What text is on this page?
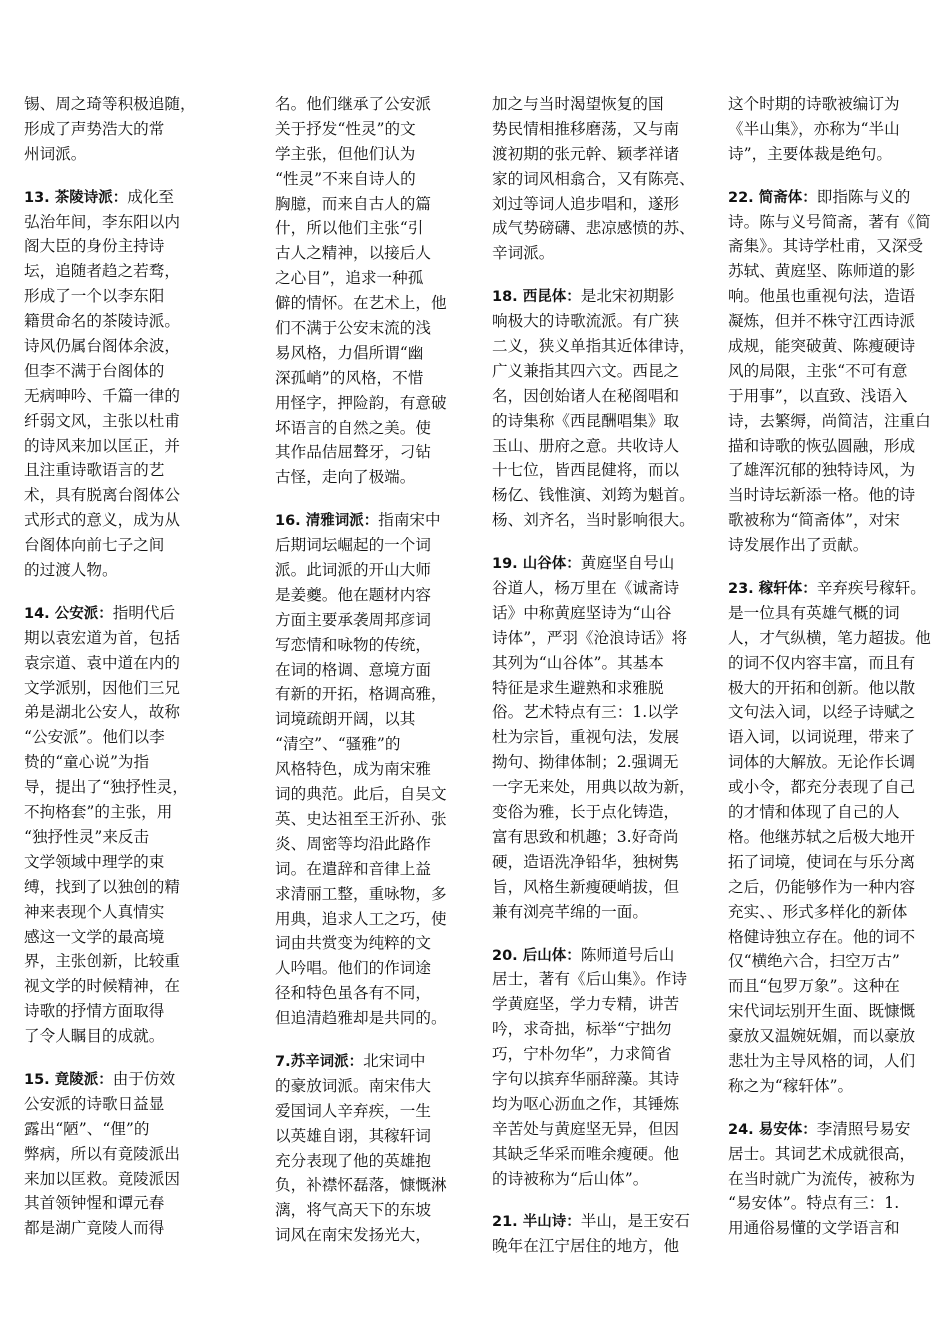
锡、周之琦等积极追随，
形成了声势浩大的常
州词派。
13. 茶陵诗派：成化至
弘治年间，李东阳以内
阁大臣的身份主持诗
坛，追随者趋之若骛，
形成了一个以李东阳
籍贯命名的茶陵诗派。
诗风仍属台阁体余波，
但李不满于台阁体的
无病呻吟、千篇一律的
纤弱文风，主张以杜甫
的诗风来加以匡正，并
且注重诗歌语言的艺
术，具有脱离台阁体公
式形式的意义，成为从
台阁体向前七子之间
的过渡人物。
14. 公安派：指明代后
期以袁宏道为首，包括
袁宗道、袁中道在内的
文学派别，因他们三兄
弟是湖北公安人，故称
“公安派”。他们以李
贽的“童心说”为指
导，提出了“独抒性灵，
不拘格套”的主张，用
“独抒性灵”来反击
文学领域中理学的束
缚，找到了以独创的精
神来表现个人真情实
感这一文学的最高境
界，主张创新，比较重
视文学的时候精神，在
诗歌的抒情方面取得
了令人瞩目的成就。
15. 竟陵派：由于仿效
公安派的诗歌日益显
露出“陋”、“俚”的
弊病，所以有竟陵派出
来加以匡救。竟陵派因
其首领钟惺和谭元春
都是湖广竟陵人而得
名。他们继承了公安派
关于抒发“性灵”的文
学主张，但他们认为
“性灵”不来自诗人的
胸臆，而来自古人的篇
什，所以他们主张“引
古人之精神，以接后人
之心目”，追求一种孤
僻的情怀。在艺术上，他
们不满于公安末流的浅
易风格，力倡所谓“幽
深孤峭”的风格，不惜
用怪字，押险韵，有意破
坏语言的自然之美。使
其作品佶屈聱牙，刁钻
古怪，走向了极端。
16. 清雅词派：指南宋中
后期词坛崛起的一个词
派。此词派的开山大师
是姜夔。他在题材内容
方面主要承袭周邦彦词
写恋情和咏物的传统，
在词的格调、意境方面
有新的开拓，格调高雅，
词境疏朗开阔，以其
“清空”、“骚雅”的
风格特色，成为南宋雅
词的典范。此后，自吴文
英、史达祖至王沂孙、张
炎、周密等均沿此路作
词。在遣辞和音律上益
求清丽工整，重咏物，多
用典，追求人工之巧，使
词由共赏变为纯粹的文
人吟唱。他们的作词途
径和特色虽各有不同，
但追清趋雅却是共同的。
7.苏辛词派：北宋词中
的豪放词派。南宋伟大
爱国词人辛弃疾，一生
以英雄自诩，其稼轩词
充分表现了他的英雄抱
负，补襟怀磊落，慷慨淋
漓，将气高天下的东坡
词风在南宋发扬光大，
加之与当时渴望恢复的国
势民情相推移磨荡，又与南
渡初期的张元幹、颖孝祥诸
家的词风相翕合，又有陈亮、
刘过等词人追步唱和，遂形
成气势磅礴、悲凉感愤的苏、
辛词派。
18. 西昆体：是北宋初期影
响极大的诗歌流派。有广狭
二义，狭义单指其近体律诗，
广义兼指其四六文。西昆之
名，因创始诸人在秘阁唱和
的诗集称《西昆酬唱集》取
玉山、册府之意。共收诗人
十七位，皆西昆健将，而以
杨亿、钱惟演、刘筠为魁首。
杨、刘齐名，当时影响很大。
19. 山谷体：黄庭坚自号山
谷道人，杨万里在《诚斋诗
话》中称黄庭坚诗为“山谷
诗体”，严羽《沧浪诗话》将
其列为“山谷体”。其基本
特征是求生避熟和求雅脱
俗。艺术特点有三：1.以学
杜为宗旨，重视句法，发展
拗句、拗律体制；2.强调无
一字无来处，用典以故为新，
变俗为雅，长于点化铸造，
富有思致和机趣；3.好奇尚
硬，造语洗净铅华，独树隽
旨，风格生新瘦硬峭拔，但
兼有浏亮芊绵的一面。
20. 后山体：陈师道号后山
居士，著有《后山集》。作诗
学黄庭坚，学力专精，讲苦
吟，求奇拙，标举“宁拙勿
巧，宁朴勿华”，力求简省
字句以摈弃华丽辞藻。其诗
均为呕心沥血之作，其锤炼
辛苦处与黄庭坚无异，但因
其缺乏华采而唯余瘦硬。他
的诗被称为“后山体”。
21. 半山诗：半山，是王安石
晚年在江宁居住的地方，他
这个时期的诗歌被编订为
《半山集》，亦称为“半山
诗”，主要体裁是绝句。
22. 简斋体：即指陈与义的
诗。陈与义号简斋，著有《简
斋集》。其诗学杜甫，又深受
苏轼、黄庭坚、陈师道的影
响。他虽也重视句法，造语
凝炼，但并不株守江西诗派
成规，能突破黄、陈瘦硬诗
风的局限，主张“不可有意
于用事”，以直致、浅语入
诗，去繁缛，尚简洁，注重白
描和诗歌的恢弘圆融，形成
了雄浑沉郁的独特诗风，为
当时诗坛新添一格。他的诗
歌被称为“简斋体”，对宋
诗发展作出了贡献。
23. 稼轩体：辛弃疾号稼轩。
是一位具有英雄气概的词
人，才气纵横，笔力超拔。他
的词不仅内容丰富，而且有
极大的开拓和创新。他以散
文句法入词，以经子诗赋之
语入词，以词说理，带来了
词体的大解放。无论作长调
或小令，都充分表现了自己
的才情和体现了自己的人
格。他继苏轼之后极大地开
拓了词境，使词在与乐分离
之后，仍能够作为一种内容
充实、、形式多样化的新体
格健诗独立存在。他的词不
仅“横绝六合，扫空万古”
而且“包罗万象”。这种在
宋代词坛别开生面、既慷慨
豪放又温婉妩媚，而以豪放
悲壮为主导风格的词，人们
称之为“稼轩体”。
24. 易安体：李清照号易安
居士。其词艺术成就很高，
在当时就广为流传，被称为
“易安体”。特点有三：1.
用通俗易懂的文学语言和
